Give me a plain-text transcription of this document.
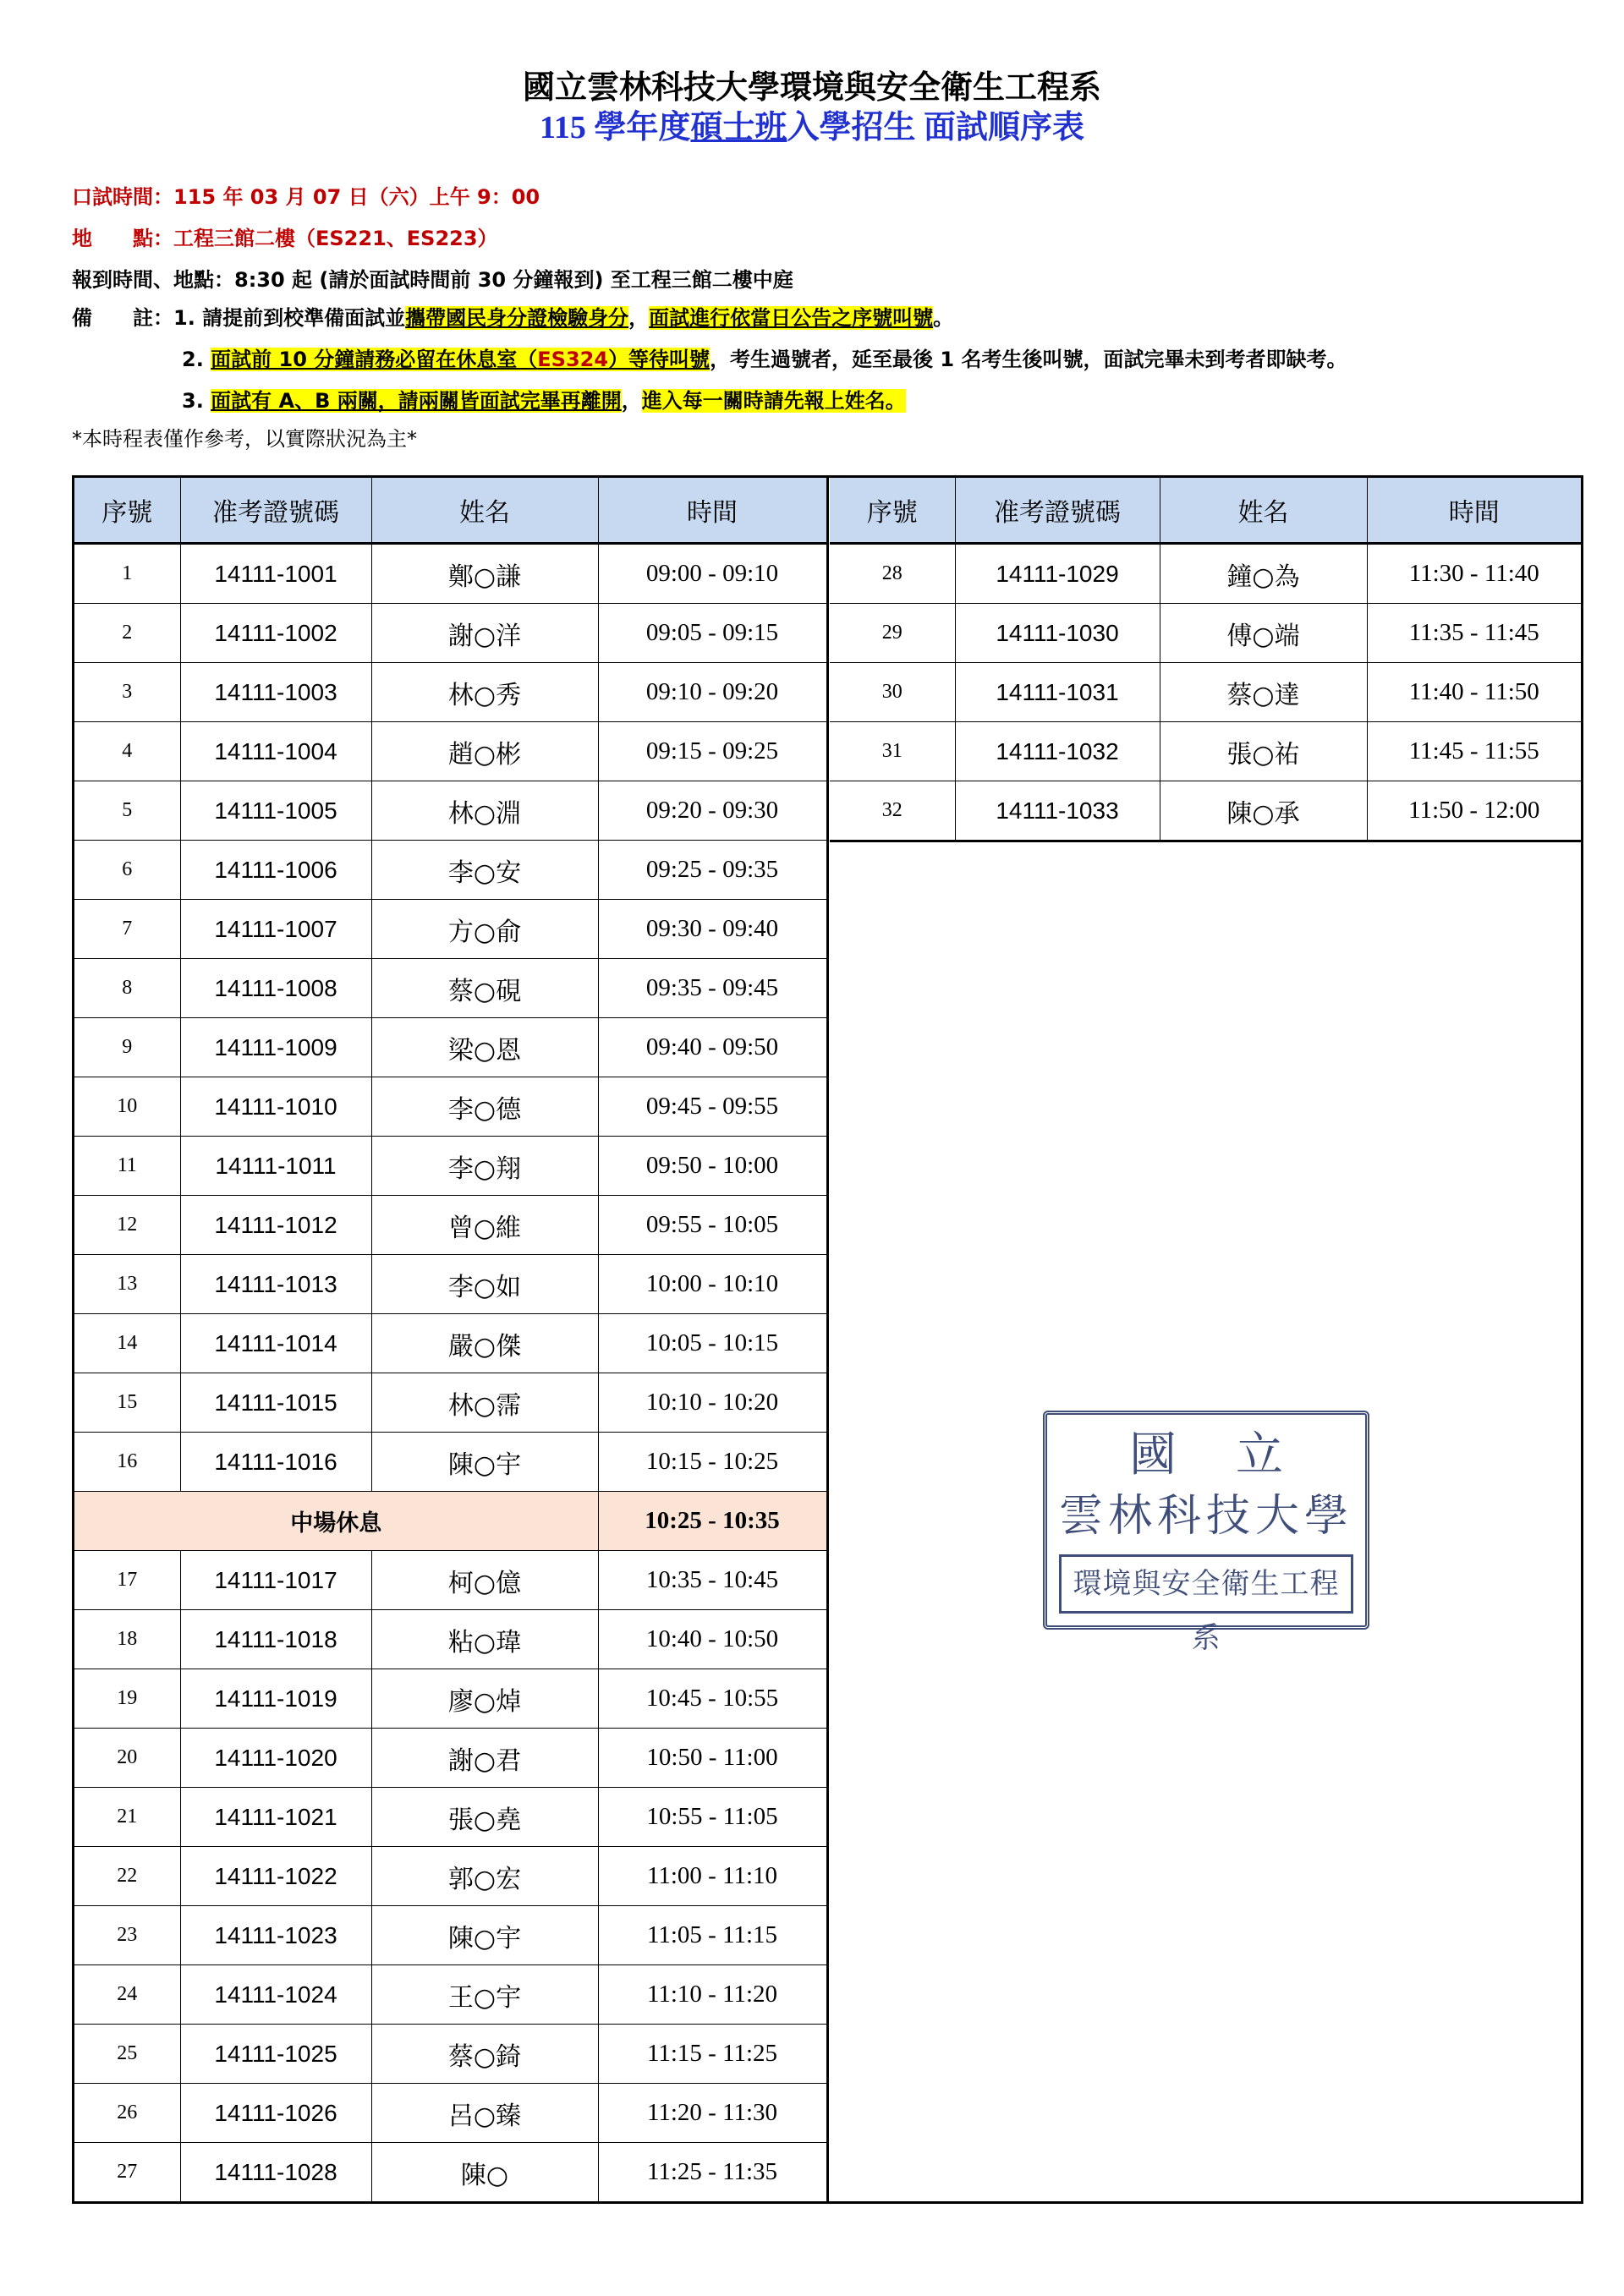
國立雲林科技大學環境與安全衛生工程系
115 學年度碩士班入學招生 面試順序表
口試時間：115 年 03 月 07 日（六）上午 9：00
地　　點：工程三館二樓（ES221、ES223）
報到時間、地點：8:30 起 (請於面試時間前 30 分鐘報到) 至工程三館二樓中庭
備　　註：1. 請提前到校準備面試並攜帶國民身分證檢驗身分，面試進行依當日公告之序號叫號。
2. 面試前 10 分鐘請務必留在休息室（ES324）等待叫號，考生過號者，延至最後 1 名考生後叫號，面試完畢未到考者即缺考。
3. 面試有 A、B 兩關，請兩關皆面試完畢再離開，進入每一關時請先報上姓名。
*本時程表僅作參考，以實際狀況為主*
序號	准考證號碼	姓名	時間
1	14111-1001	鄭○謙	09:00 - 09:10
2	14111-1002	謝○洋	09:05 - 09:15
3	14111-1003	林○秀	09:10 - 09:20
4	14111-1004	趙○彬	09:15 - 09:25
5	14111-1005	林○淵	09:20 - 09:30
6	14111-1006	李○安	09:25 - 09:35
7	14111-1007	方○俞	09:30 - 09:40
8	14111-1008	蔡○硯	09:35 - 09:45
9	14111-1009	梁○恩	09:40 - 09:50
10	14111-1010	李○德	09:45 - 09:55
11	14111-1011	李○翔	09:50 - 10:00
12	14111-1012	曾○維	09:55 - 10:05
13	14111-1013	李○如	10:00 - 10:10
14	14111-1014	嚴○傑	10:05 - 10:15
15	14111-1015	林○霈	10:10 - 10:20
16	14111-1016	陳○宇	10:15 - 10:25
中場休息			10:25 - 10:35
17	14111-1017	柯○億	10:35 - 10:45
18	14111-1018	粘○瑋	10:40 - 10:50
19	14111-1019	廖○焯	10:45 - 10:55
20	14111-1020	謝○君	10:50 - 11:00
21	14111-1021	張○堯	10:55 - 11:05
22	14111-1022	郭○宏	11:00 - 11:10
23	14111-1023	陳○宇	11:05 - 11:15
24	14111-1024	王○宇	11:10 - 11:20
25	14111-1025	蔡○錡	11:15 - 11:25
26	14111-1026	呂○臻	11:20 - 11:30
27	14111-1028	陳○	11:25 - 11:35
序號	准考證號碼	姓名	時間
28	14111-1029	鐘○為	11:30 - 11:40
29	14111-1030	傅○端	11:35 - 11:45
30	14111-1031	蔡○達	11:40 - 11:50
31	14111-1032	張○祐	11:45 - 11:55
32	14111-1033	陳○承	11:50 - 12:00
國立
雲林科技大學
環境與安全衛生工程系
